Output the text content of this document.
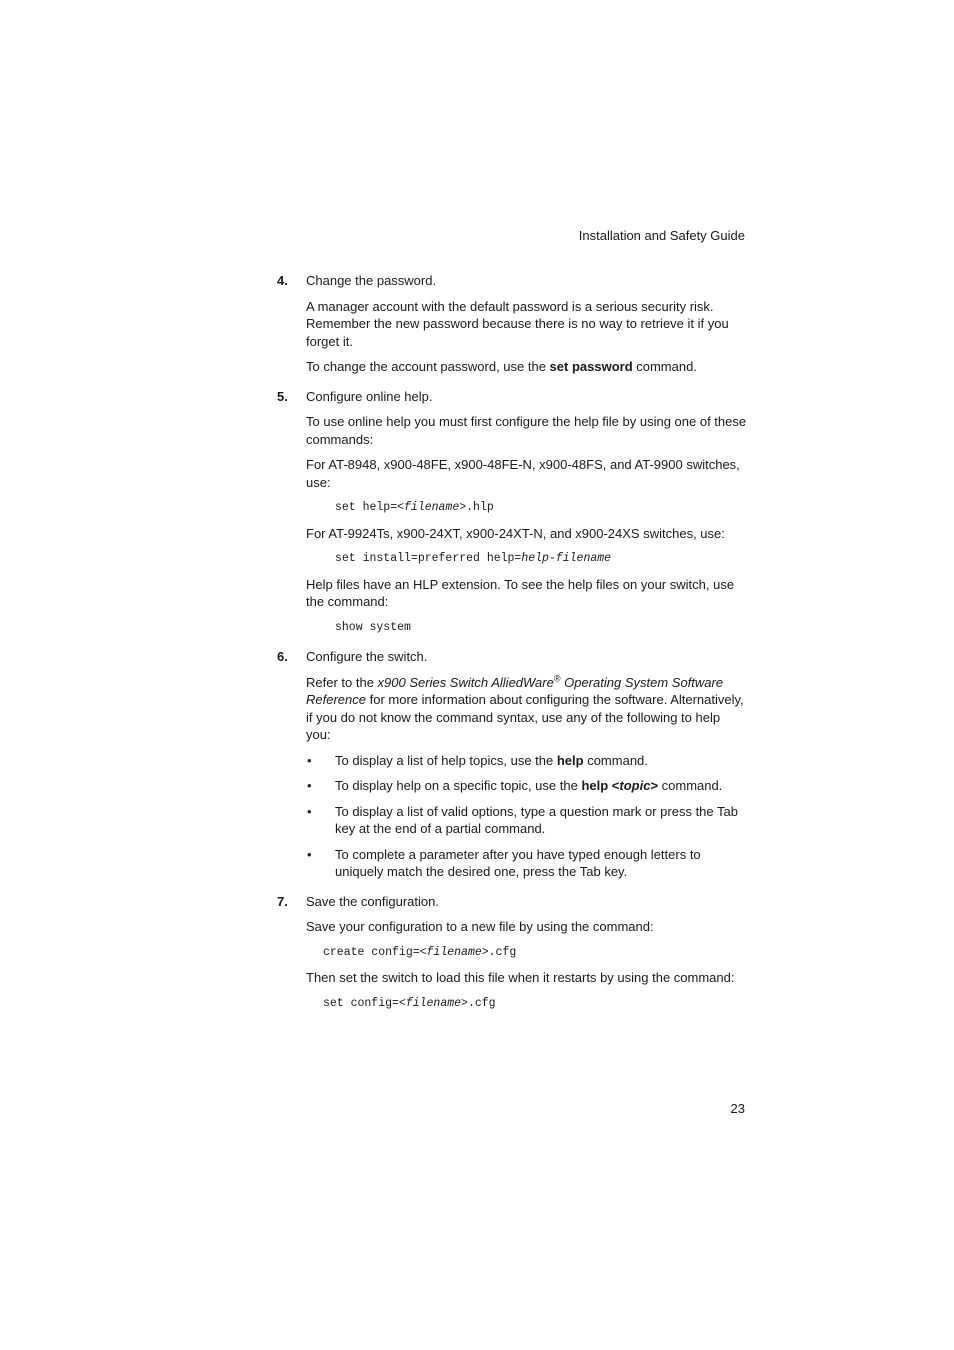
Installation and Safety Guide
4. Change the password.

A manager account with the default password is a serious security risk. Remember the new password because there is no way to retrieve it if you forget it.

To change the account password, use the set password command.

5. Configure online help.

To use online help you must first configure the help file by using one of these commands:

For AT-8948, x900-48FE, x900-48FE-N, x900-48FS, and AT-9900 switches, use:

set help=<filename>.hlp

For AT-9924Ts, x900-24XT, x900-24XT-N, and x900-24XS switches, use:

set install=preferred help=help-filename

Help files have an HLP extension. To see the help files on your switch, use the command:

show system
6. Configure the switch.

Refer to the x900 Series Switch AlliedWare® Operating System Software Reference for more information about configuring the software. Alternatively, if you do not know the command syntax, use any of the following to help you:

• To display a list of help topics, use the help command.
• To display help on a specific topic, use the help <topic> command.
• To display a list of valid options, type a question mark or press the Tab key at the end of a partial command.
• To complete a parameter after you have typed enough letters to uniquely match the desired one, press the Tab key.
7. Save the configuration.

Save your configuration to a new file by using the command:

create config=<filename>.cfg

Then set the switch to load this file when it restarts by using the command:

set config=<filename>.cfg
23
